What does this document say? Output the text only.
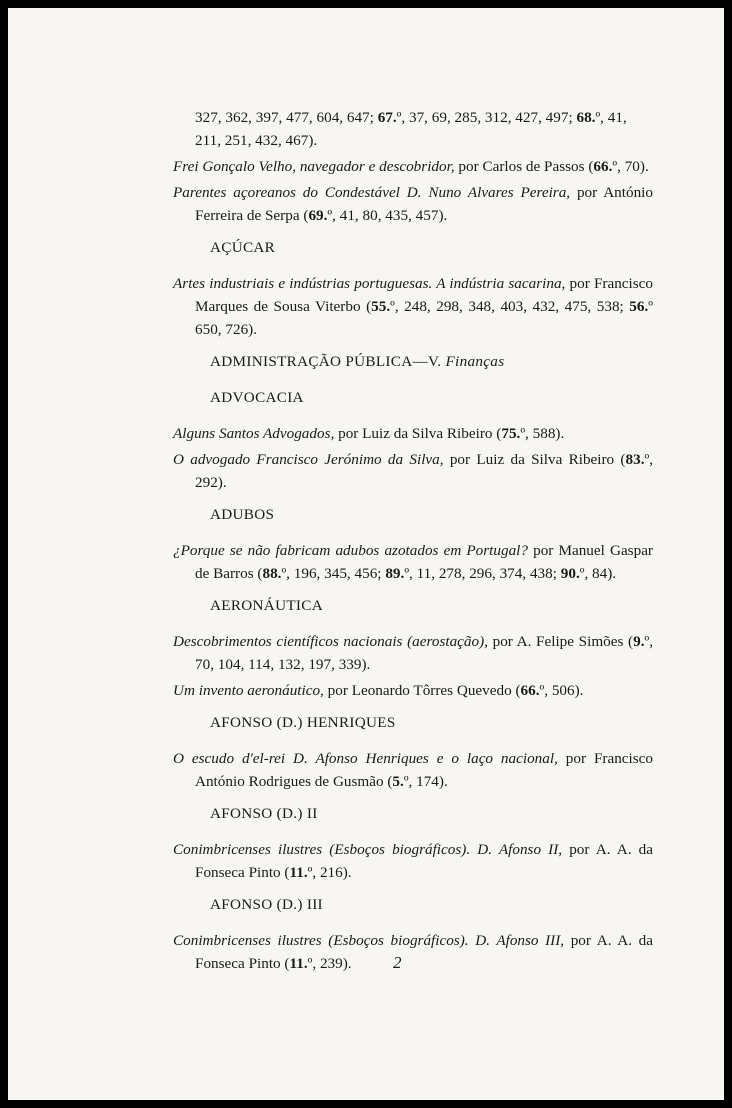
327, 362, 397, 477, 604, 647; 67.º, 37, 69, 285, 312, 427, 497; 68.º, 41, 211, 251, 432, 467).
Frei Gonçalo Velho, navegador e descobridor, por Carlos de Passos (66.º, 70).
Parentes açoreanos do Condestável D. Nuno Alvares Pereira, por António Ferreira de Serpa (69.º, 41, 80, 435, 457).
AÇÚCAR
Artes industriais e indústrias portuguesas. A indústria sacarina, por Francisco Marques de Sousa Viterbo (55.º, 248, 298, 348, 403, 432, 475, 538; 56.º 650, 726).
ADMINISTRAÇÃO PÚBLICA—V. Finanças
ADVOCACIA
Alguns Santos Advogados, por Luiz da Silva Ribeiro (75.º, 588).
O advogado Francisco Jerónimo da Silva, por Luiz da Silva Ribeiro (83.º, 292).
ADUBOS
¿Porque se não fabricam adubos azotados em Portugal? por Manuel Gaspar de Barros (88.º, 196, 345, 456; 89.º, 11, 278, 296, 374, 438; 90.º, 84).
AERONÁUTICA
Descobrimentos científicos nacionais (aerostação), por A. Felipe Simões (9.º, 70, 104, 114, 132, 197, 339).
Um invento aeronáutico, por Leonardo Tôrres Quevedo (66.º, 506).
AFONSO (D.) HENRIQUES
O escudo d'el-rei D. Afonso Henriques e o laço nacional, por Francisco António Rodrigues de Gusmão (5.º, 174).
AFONSO (D.) II
Conimbricenses ilustres (Esboços biográficos). D. Afonso II, por A. A. da Fonseca Pinto (11.º, 216).
AFONSO (D.) III
Conimbricenses ilustres (Esboços biográficos). D. Afonso III, por A. A. da Fonseca Pinto (11.º, 239).	2
